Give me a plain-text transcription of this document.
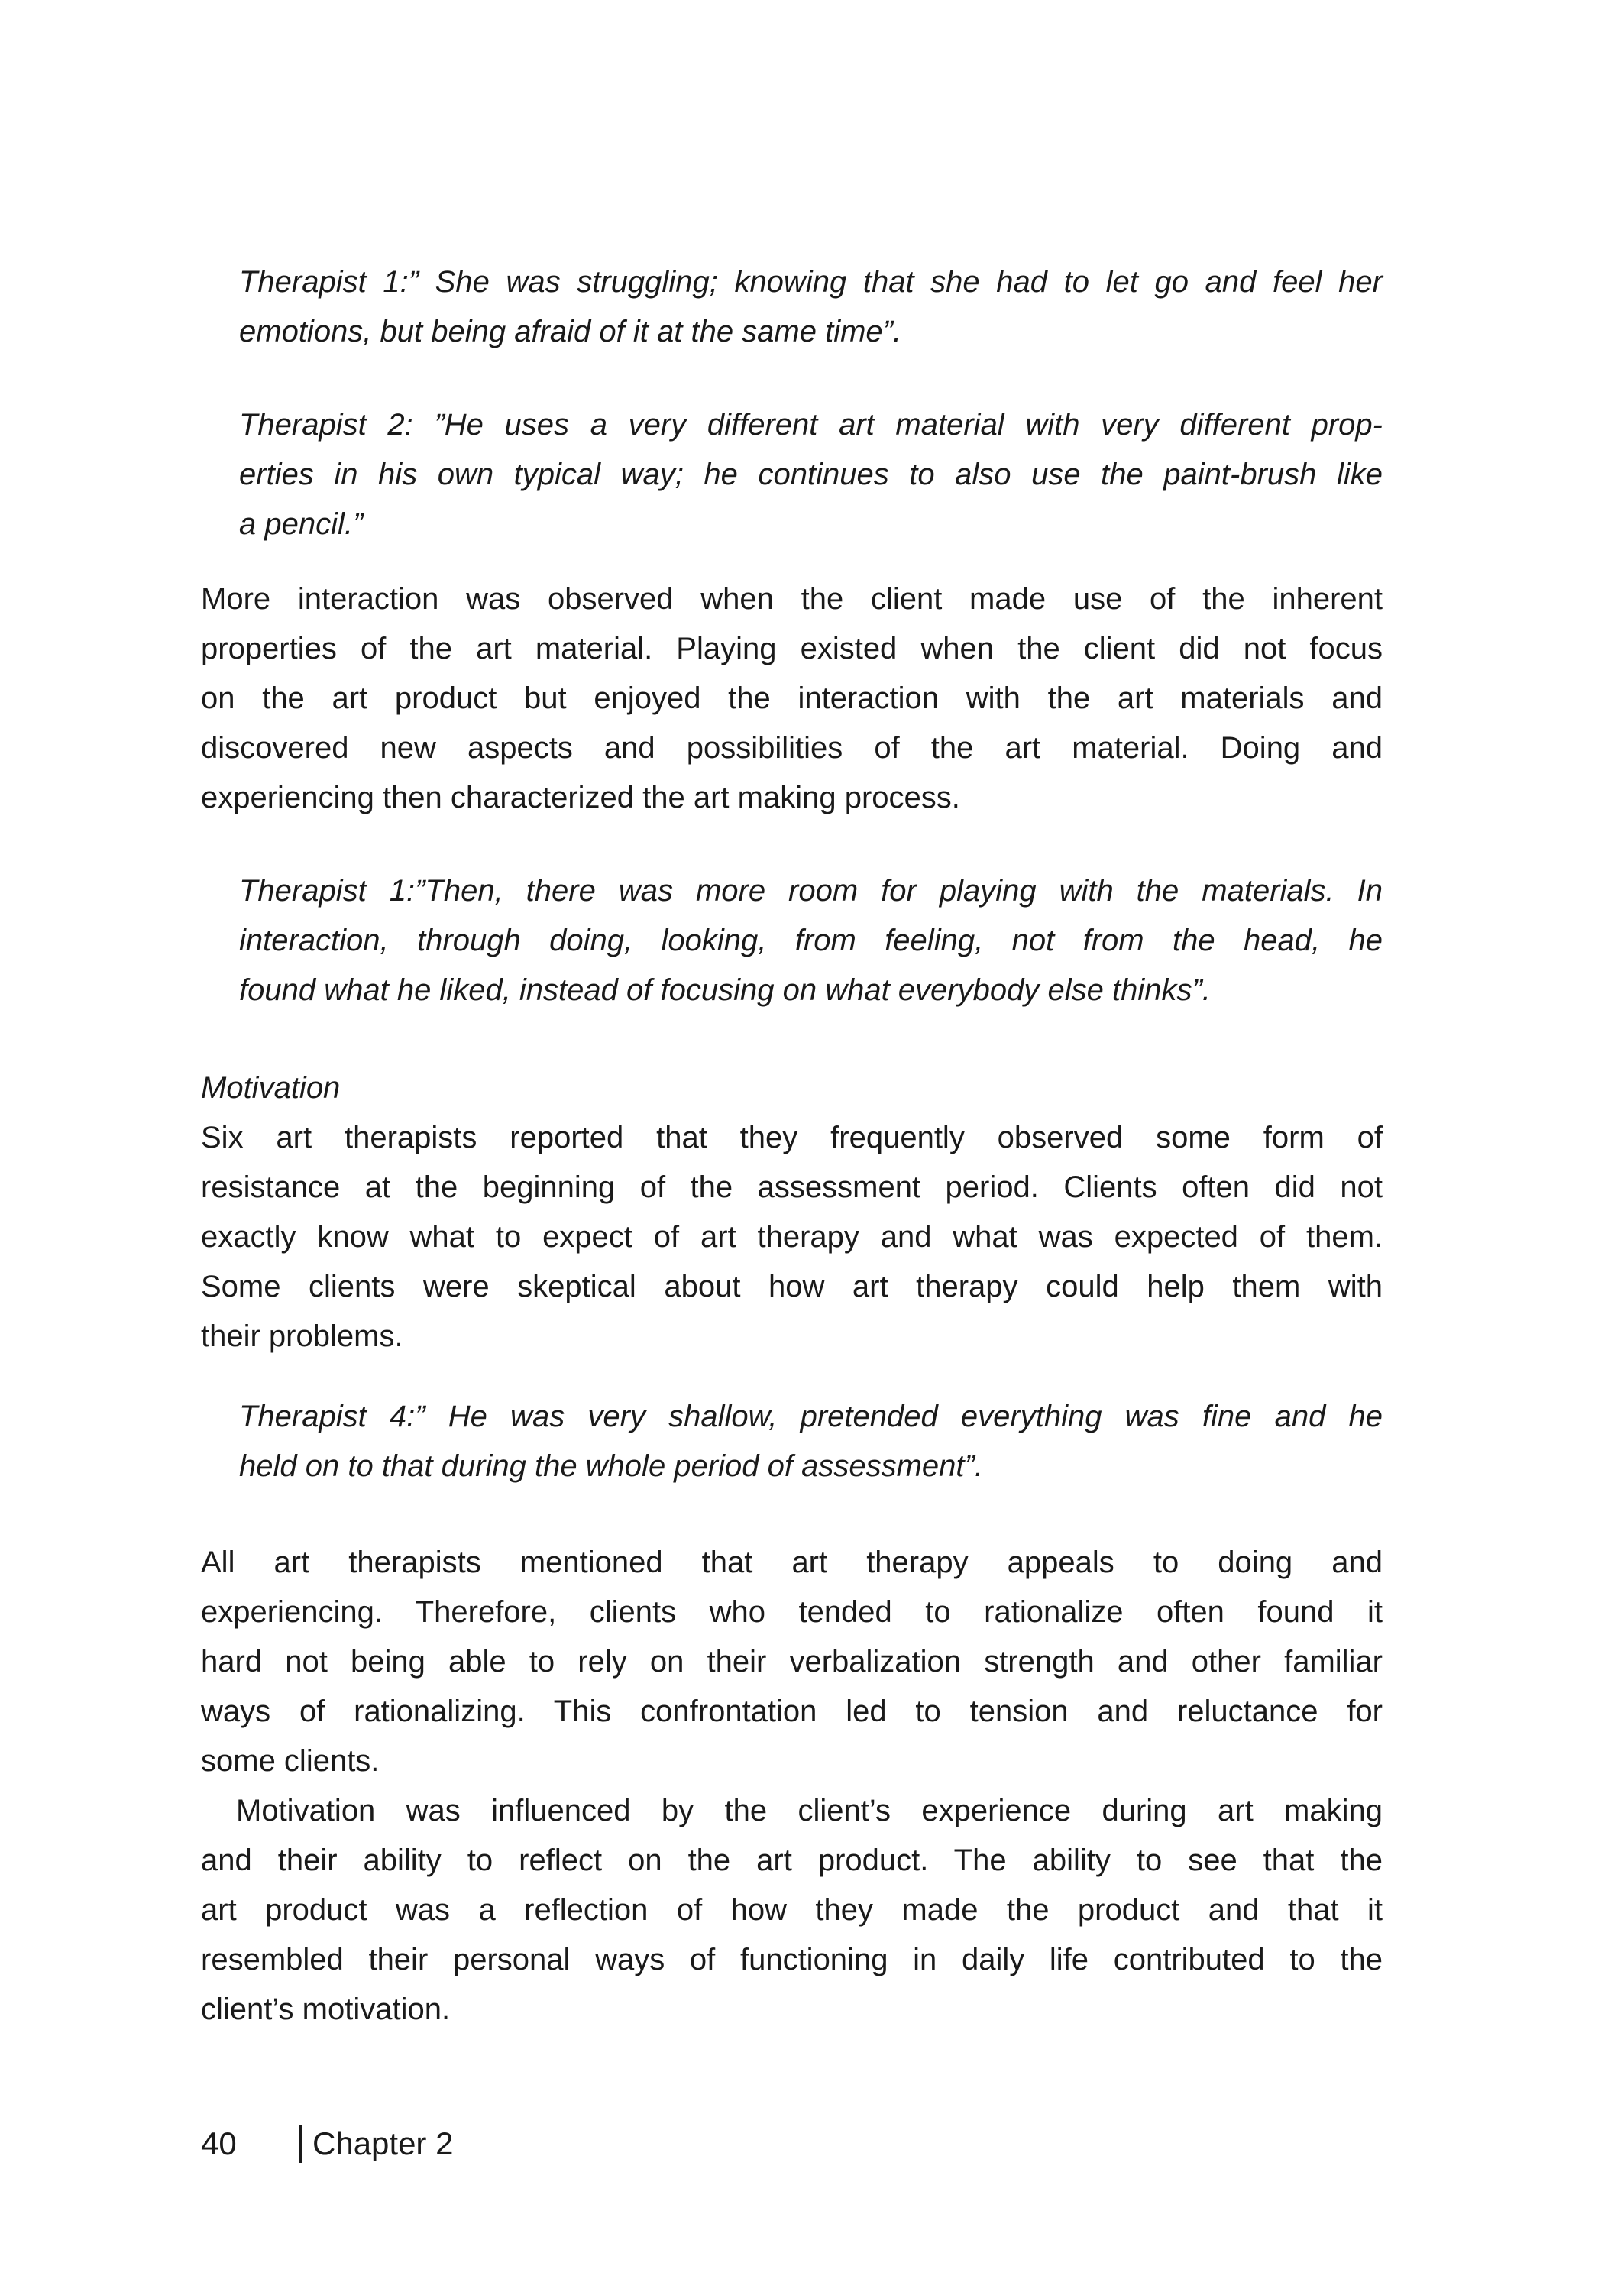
Therapist 1:” She was struggling; knowing that she had to let go and feel her
emotions, but being afraid of it at the same time”.
Therapist 2: ”He uses a very different art material with very different prop-
erties in his own typical way; he continues to also use the paint-brush like
a pencil.”
More interaction was observed when the client made use of the inherent
properties of the art material. Playing existed when the client did not focus
on the art product but enjoyed the interaction with the art materials and
discovered new aspects and possibilities of the art material. Doing and
experiencing then characterized the art making process.
Therapist 1:”Then, there was more room for playing with the materials. In
interaction, through doing, looking, from feeling, not from the head, he
found what he liked, instead of focusing on what everybody else thinks”.
Motivation
Six art therapists reported that they frequently observed some form of
resistance at the beginning of the assessment period. Clients often did not
exactly know what to expect of art therapy and what was expected of them.
Some clients were skeptical about how art therapy could help them with
their problems.
Therapist 4:” He was very shallow, pretended everything was fine and he
held on to that during the whole period of assessment”.
All art therapists mentioned that art therapy appeals to doing and
experiencing. Therefore, clients who tended to rationalize often found it
hard not being able to rely on their verbalization strength and other familiar
ways of rationalizing. This confrontation led to tension and reluctance for
some clients.
Motivation was influenced by the client’s experience during art making
and their ability to reflect on the art product. The ability to see that the
art product was a reflection of how they made the product and that it
resembled their personal ways of functioning in daily life contributed to the
client’s motivation.
40	Chapter 2
